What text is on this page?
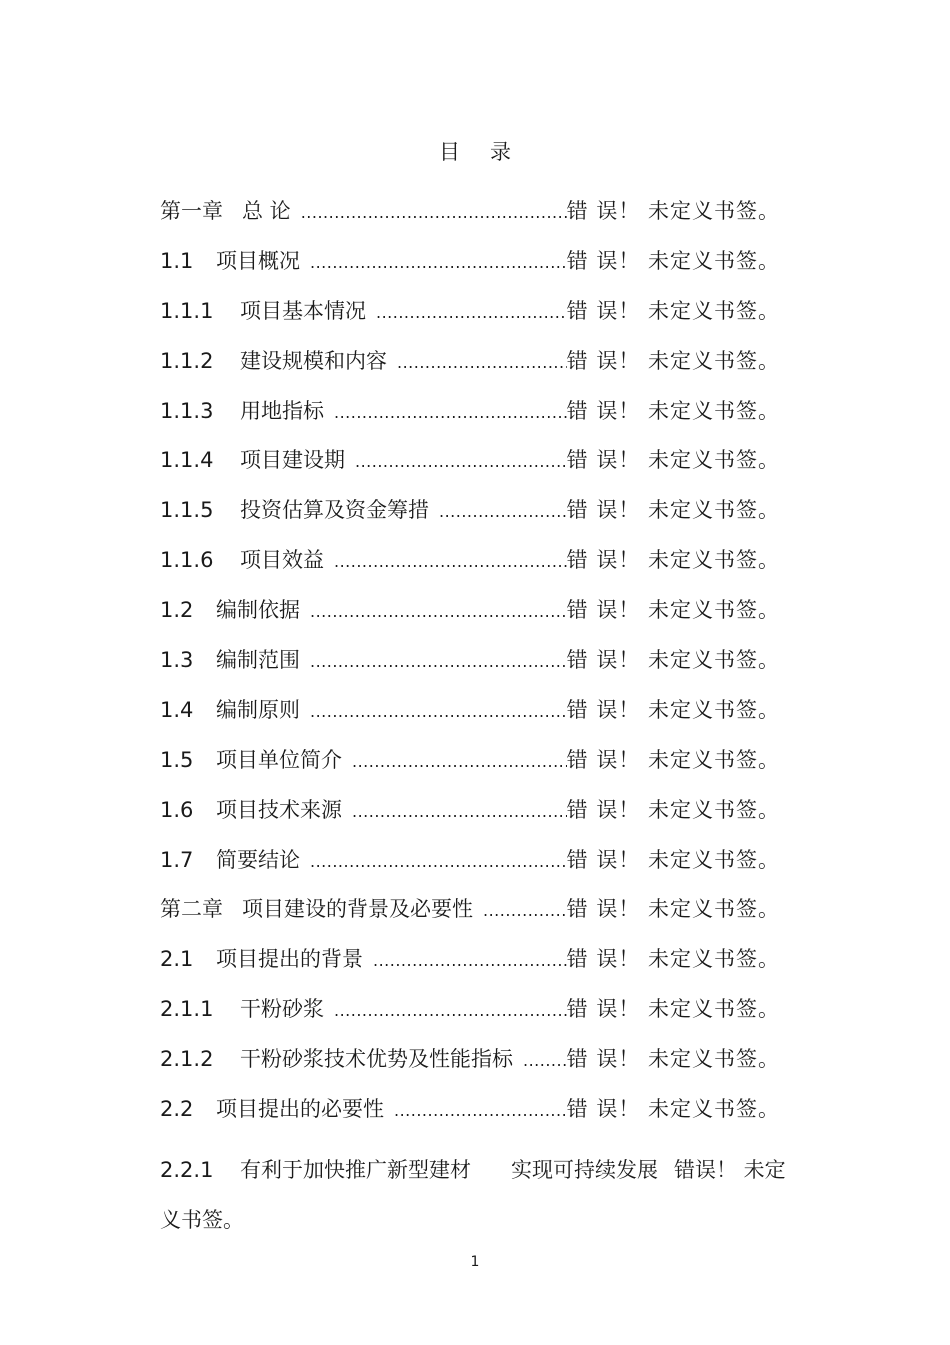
目 录
第一章 总 论 .....	错 误！ 未定义书签。
1.1	项目概况 .....	错 误！ 未定义书签。
1.1.1	项目基本情况 .....	错 误！ 未定义书签。
1.1.2	建设规模和内容 .....	错 误！ 未定义书签。
1.1.3	用地指标 .....	错 误！ 未定义书签。
1.1.4	项目建设期 .....	错 误！ 未定义书签。
1.1.5	投资估算及资金筹措 .....	错 误！ 未定义书签。
1.1.6	项目效益 .....	错 误！ 未定义书签。
1.2	编制依据 .....	错 误！ 未定义书签。
1.3	编制范围 .....	错 误！ 未定义书签。
1.4	编制原则 .....	错 误！ 未定义书签。
1.5	项目单位简介 .....	错 误！ 未定义书签。
1.6	项目技术来源 .....	错 误！ 未定义书签。
1.7	简要结论 .....	错 误！ 未定义书签。
第二章 项目建设的背景及必要性 .....	错 误！ 未定义书签。
2.1	项目提出的背景 .....	错 误！ 未定义书签。
2.1.1	干粉砂浆 .....	错 误！ 未定义书签。
2.1.2	干粉砂浆技术优势及性能指标 .....	错 误！ 未定义书签。
2.2	项目提出的必要性 .....	错 误！ 未定义书签。
2.2.1 有利于加快推广新型建材 实现可持续发展 错误！ 未定
义书签。
1
